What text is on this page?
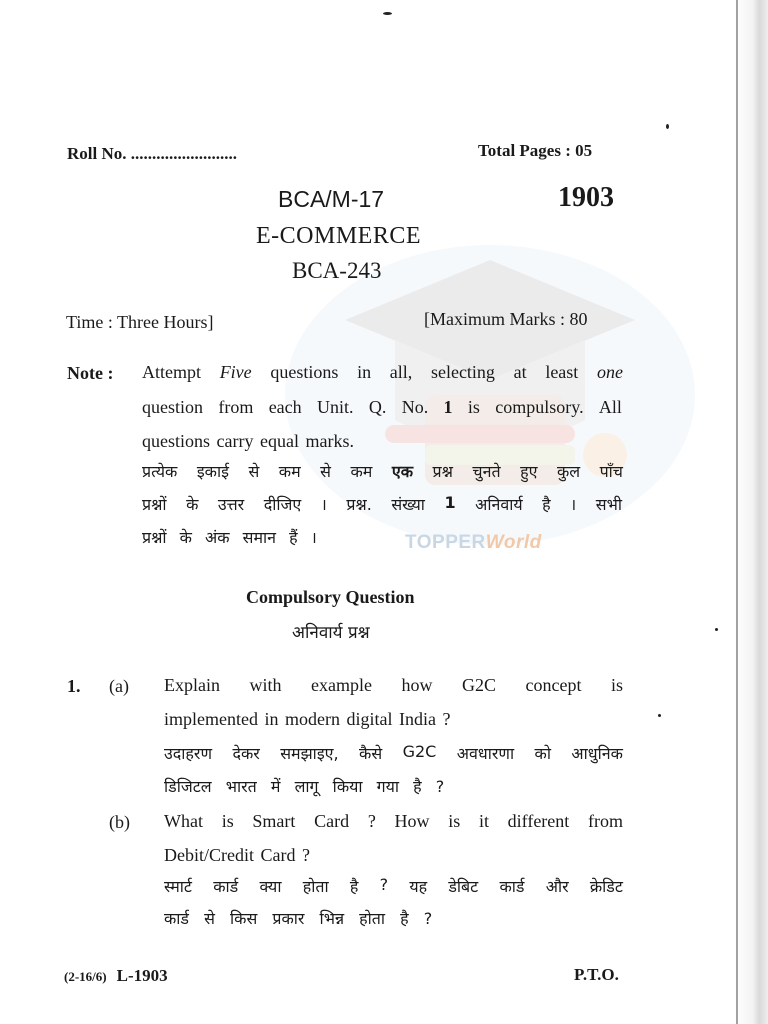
TOPPERWorld
Roll No. .........................	Total Pages : 05
BCA/M-17	1903
E-COMMERCE
BCA-243
Time : Three Hours]	[Maximum Marks : 80
Note : Attempt Five questions in all, selecting at least one
question from each Unit. Q. No. 1 is compulsory. All
questions carry equal marks.
प्रत्येक इकाई से कम से कम एक प्रश्न चुनते हुए कुल पाँच
प्रश्नों के उत्तर दीजिए । प्रश्न. संख्या 1 अनिवार्य है । सभी
प्रश्नों के अंक समान हैं ।
Compulsory Question
अनिवार्य प्रश्न
1. (a) Explain with example how G2C concept is
implemented in modern digital India ?
उदाहरण देकर समझाइए, कैसे G2C अवधारणा को आधुनिक
डिजिटल भारत में लागू किया गया है ?
(b) What is Smart Card ? How is it different from
Debit/Credit Card ?
स्मार्ट कार्ड क्या होता है ? यह डेबिट कार्ड और क्रेडिट
कार्ड से किस प्रकार भिन्न होता है ?
(2-16/6) L-1903	P.T.O.
